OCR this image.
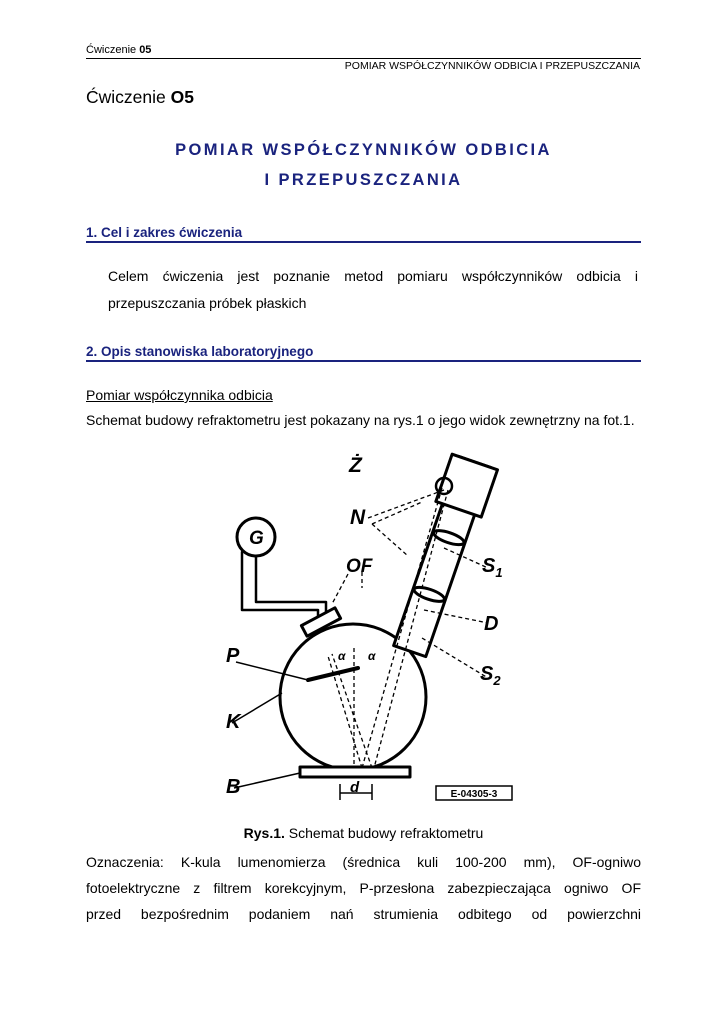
Ćwiczenie 05
POMIAR WSPÓŁCZYNNIKÓW ODBICIA I PRZEPUSZCZANIA
Ćwiczenie O5
POMIAR WSPÓŁCZYNNIKÓW ODBICIA
I PRZEPUSZCZANIA
1. Cel i zakres ćwiczenia
Celem ćwiczenia jest poznanie metod pomiaru współczynników odbicia i
przepuszczania próbek płaskich
2. Opis stanowiska laboratoryjnego
Pomiar współczynnika odbicia
Schemat budowy refraktometru jest pokazany na rys.1 o jego widok zewnętrzny na fot.1.
Ż
N
$S_1$
OF
D
G
P
$S_2$
K
B	d
α α
E-04305-3
Rys.1. Schemat budowy refraktometru
Oznaczenia: K-kula lumenomierza (średnica kuli 100-200 mm), OF-ogniwo
fotoelektryczne z filtrem korekcyjnym, P-przesłona zabezpieczająca ogniwo OF
przed bezpośrednim podaniem nań strumienia odbitego od powierzchni
